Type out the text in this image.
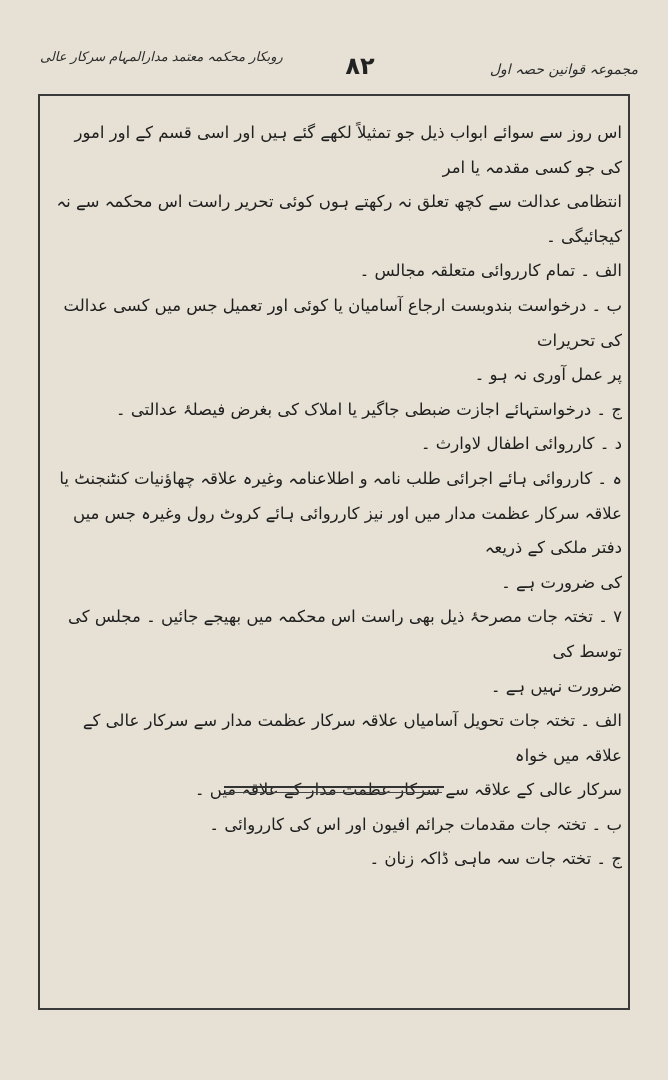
مجموعہ قوانین حصہ اول
۸۲
روبکار محکمہ معتمد مدارالمہام سرکار عالی

اس روز سے سوائے ابواب ذیل جو تمثیلاً لکھے گئے ہیں اور اسی قسم کے اور امور کی جو کسی مقدمہ یا امر

انتظامی عدالت سے کچھ تعلق نہ رکھتے ہوں کوئی تحریر راست اس محکمہ سے نہ کیجائیگی ۔

الف ۔ تمام کارروائی متعلقہ مجالس ۔

ب ۔ درخواست بندوبست ارجاع آسامیان یا کوئی اور تعمیل جس میں کسی عدالت کی تحریرات

پر عمل آوری نہ ہو ۔

ج ۔ درخواستہائے اجازت ضبطی جاگیر یا املاک کی بغرض فیصلۂ عدالتی ۔

د ۔ کارروائی اطفال لاوارث ۔

ہ ۔ کارروائی ہائے اجرائی طلب نامہ و اطلاعنامہ وغیرہ علاقہ چھاؤنیات کنٹنجنٹ یا

علاقہ سرکار عظمت مدار میں اور نیز کارروائی ہائے کروٹ رول وغیرہ جس میں دفتر ملکی کے ذریعہ

کی ضرورت ہے ۔

۷ ۔ تختہ جات مصرحۂ ذیل بھی راست اس محکمہ میں بھیجے جائیں ۔ مجلس کی توسط کی

ضرورت نہیں ہے ۔

الف ۔ تختہ جات تحویل آسامیاں علاقہ سرکار عظمت مدار سے سرکار عالی کے علاقہ میں خواہ

سرکار عالی کے علاقہ سے سرکار عظمت مدار کے علاقہ میں ۔

ب ۔ تختہ جات مقدمات جرائم افیون اور اس کی کارروائی ۔

ج ۔ تختہ جات سہ ماہی ڈاکہ زنان ۔
